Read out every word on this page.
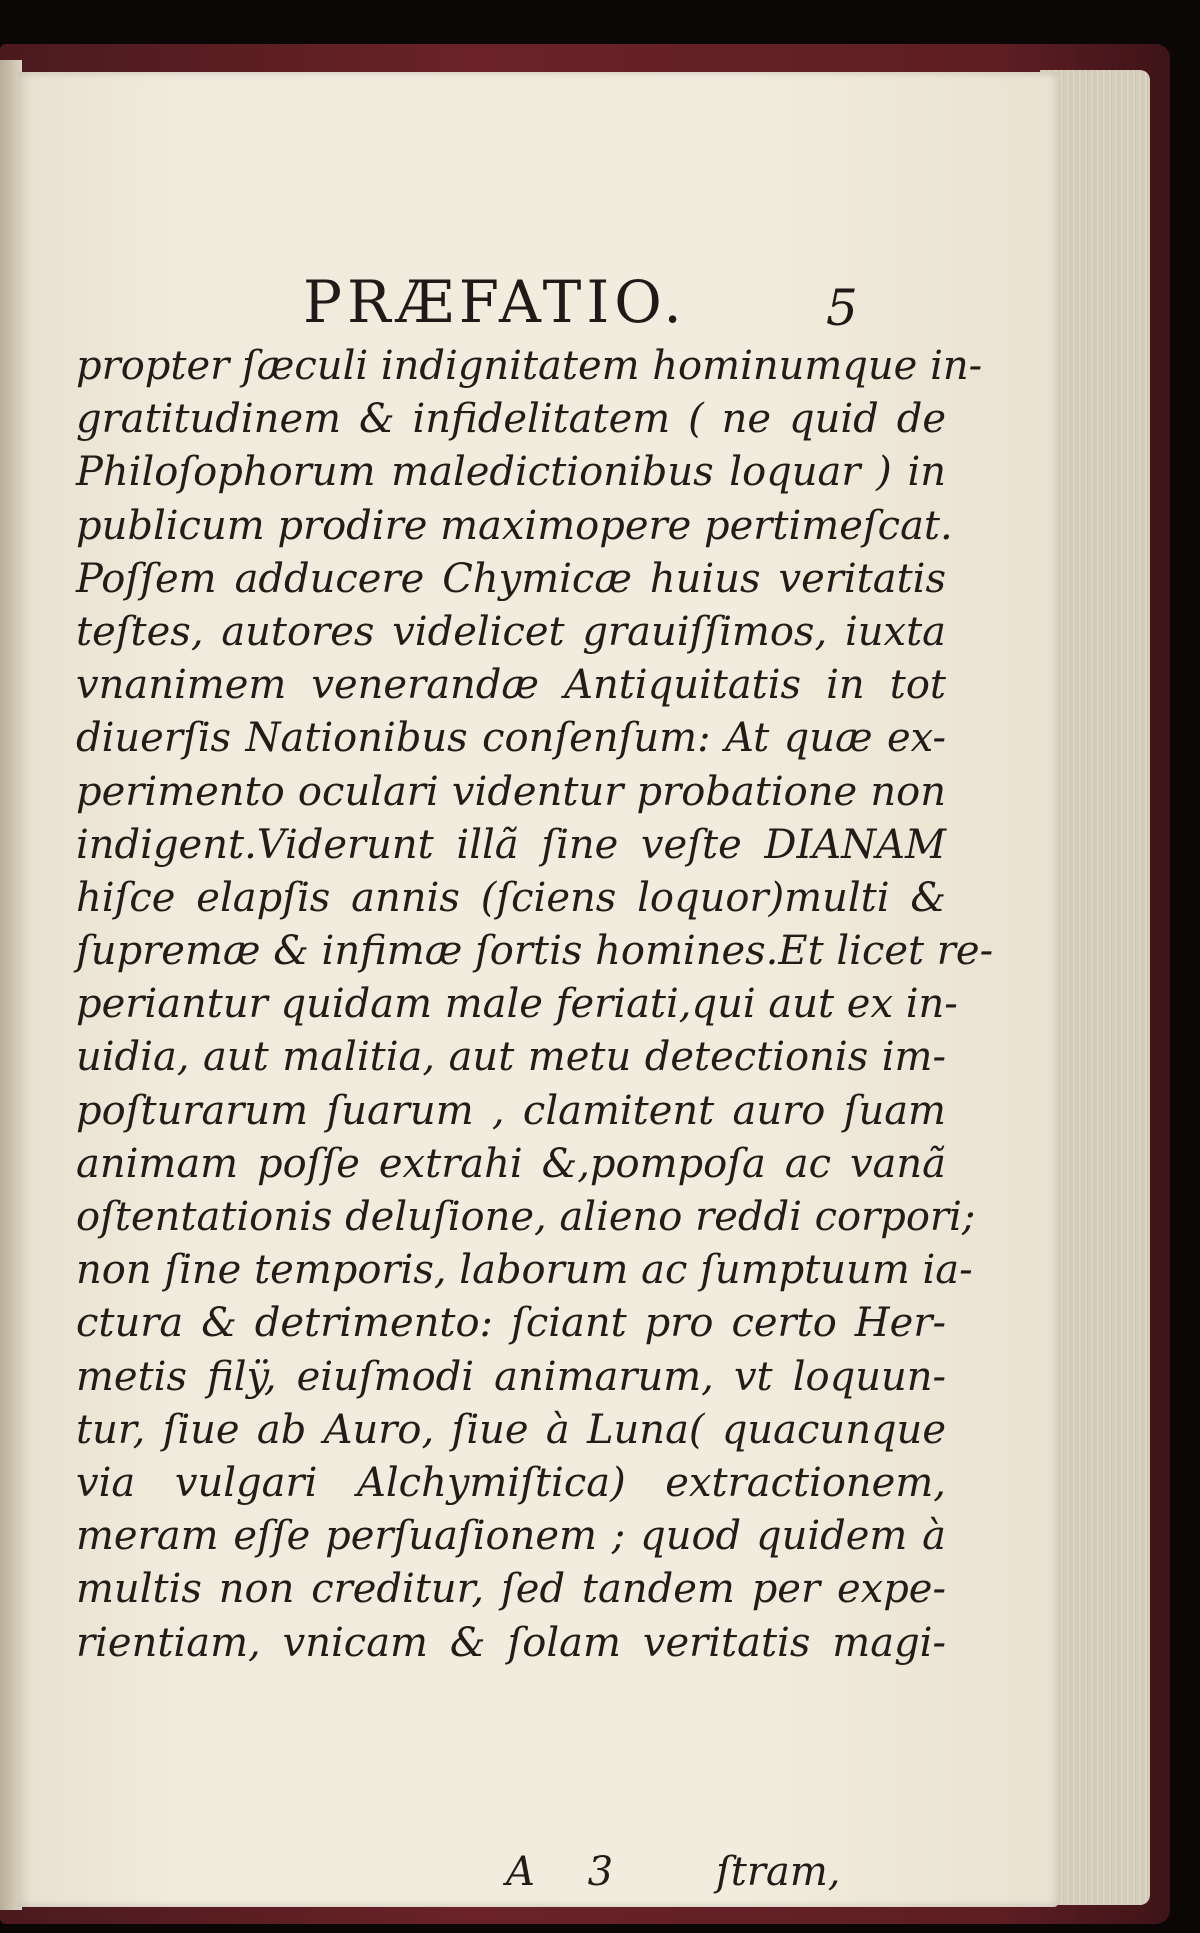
PRÆFATIO.	5
propter ſæculi indignitatem hominumque in-
gratitudinem & infidelitatem ( ne quid de
Philoſophorum maledictionibus loquar ) in
publicum prodire maximopere pertimeſcat.
Poſſem adducere Chymicæ huius veritatis
teſtes, autores videlicet grauiſſimos, iuxta
vnanimem venerandæ Antiquitatis in tot
diuerſis Nationibus conſenſum: At quæ ex-
perimento oculari videntur probatione non
indigent.Viderunt illã ſine veſte DIANAM
hiſce elapſis annis (ſciens loquor)multi &
ſupremæ & infimæ ſortis homines.Et licet re-
periantur quidam male feriati,qui aut ex in-
uidia, aut malitia, aut metu detectionis im-
poſturarum ſuarum , clamitent auro ſuam
animam poſſe extrahi &,pompoſa ac vanã
oſtentationis deluſione, alieno reddi corpori;
non ſine temporis, laborum ac ſumptuum ia-
ctura & detrimento: ſciant pro certo Her-
metis filÿ, eiuſmodi animarum, vt loquun-
tur, ſiue ab Auro, ſiue à Luna( quacunque
via vulgari Alchymiſtica) extractionem,
meram eſſe perſuaſionem ; quod quidem à
multis non creditur, ſed tandem per expe-
rientiam, vnicam & ſolam veritatis magi-
A 3	ſtram,
